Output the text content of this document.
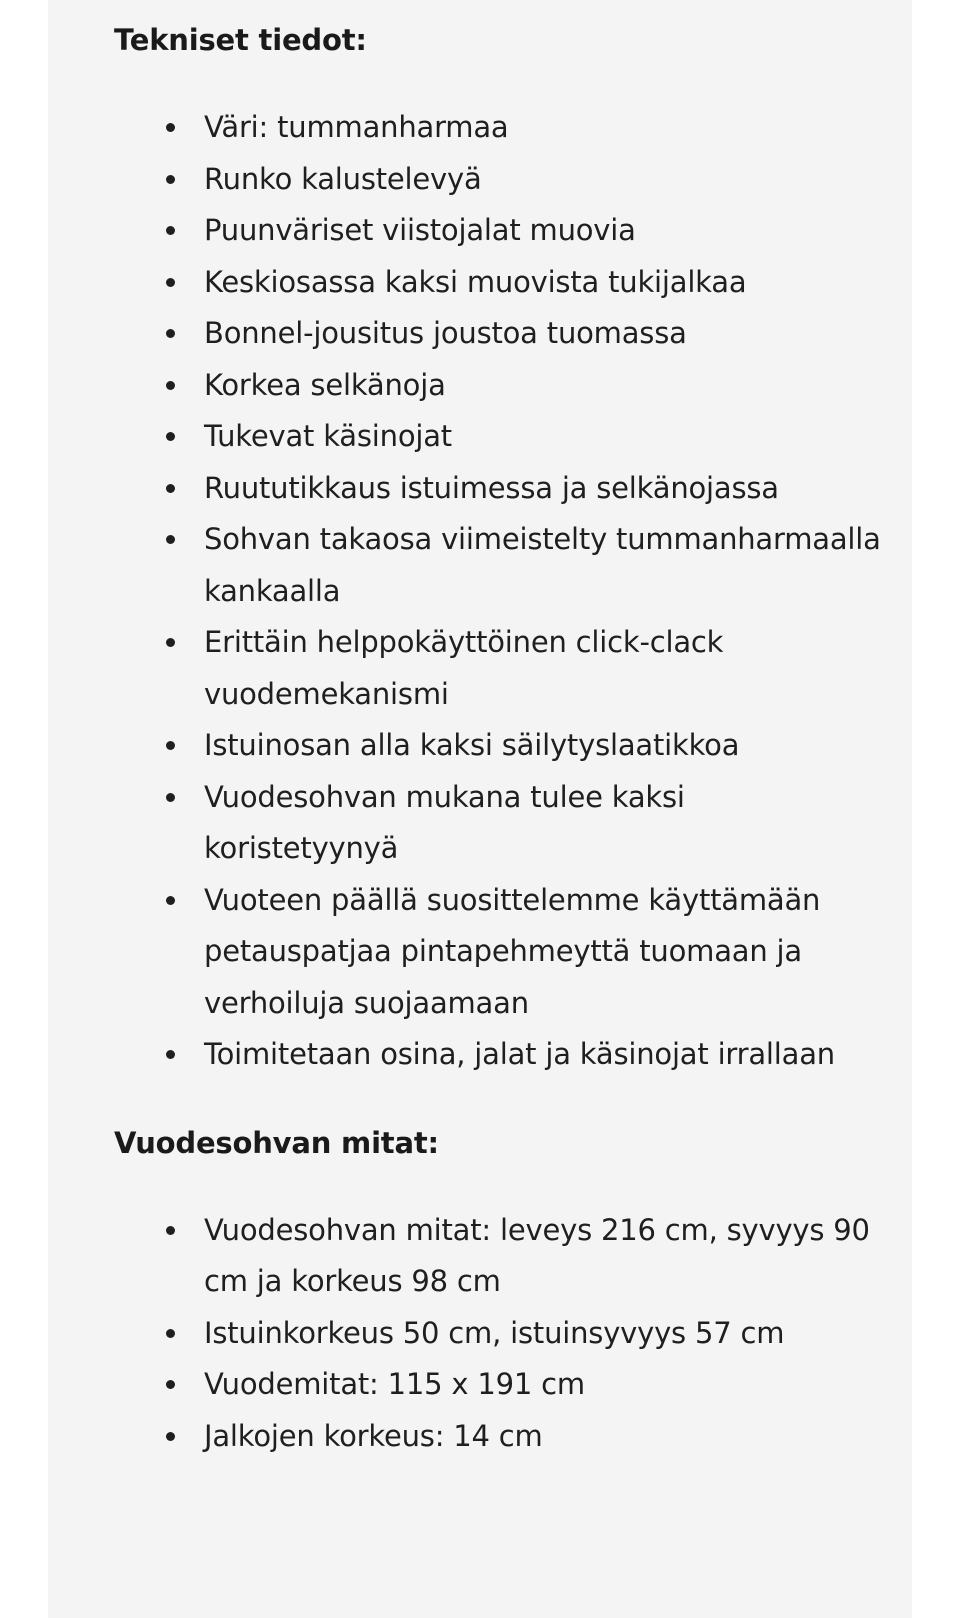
Tekniset tiedot:
Väri: tummanharmaa
Runko kalustelevyä
Puunväriset viistojalat muovia
Keskiosassa kaksi muovista tukijalkaa
Bonnel-jousitus joustoa tuomassa
Korkea selkänoja
Tukevat käsinojat
Ruututikkaus istuimessa ja selkänojassa
Sohvan takaosa viimeistelty tummanharmaalla kankaalla
Erittäin helppokäyttöinen click-clack vuodemekanismi
Istuinosan alla kaksi säilytyslaatikkoa
Vuodesohvan mukana tulee kaksi koristetyynyä
Vuoteen päällä suosittelemme käyttämään petauspatjaa pintapehmeyttä tuomaan ja verhoiluja suojaamaan
Toimitetaan osina, jalat ja käsinojat irrallaan
Vuodesohvan mitat:
Vuodesohvan mitat: leveys 216 cm, syvyys 90 cm ja korkeus 98 cm
Istuinkorkeus 50 cm, istuinsyvyys 57 cm
Vuodemitat: 115 x 191 cm
Jalkojen korkeus: 14 cm
